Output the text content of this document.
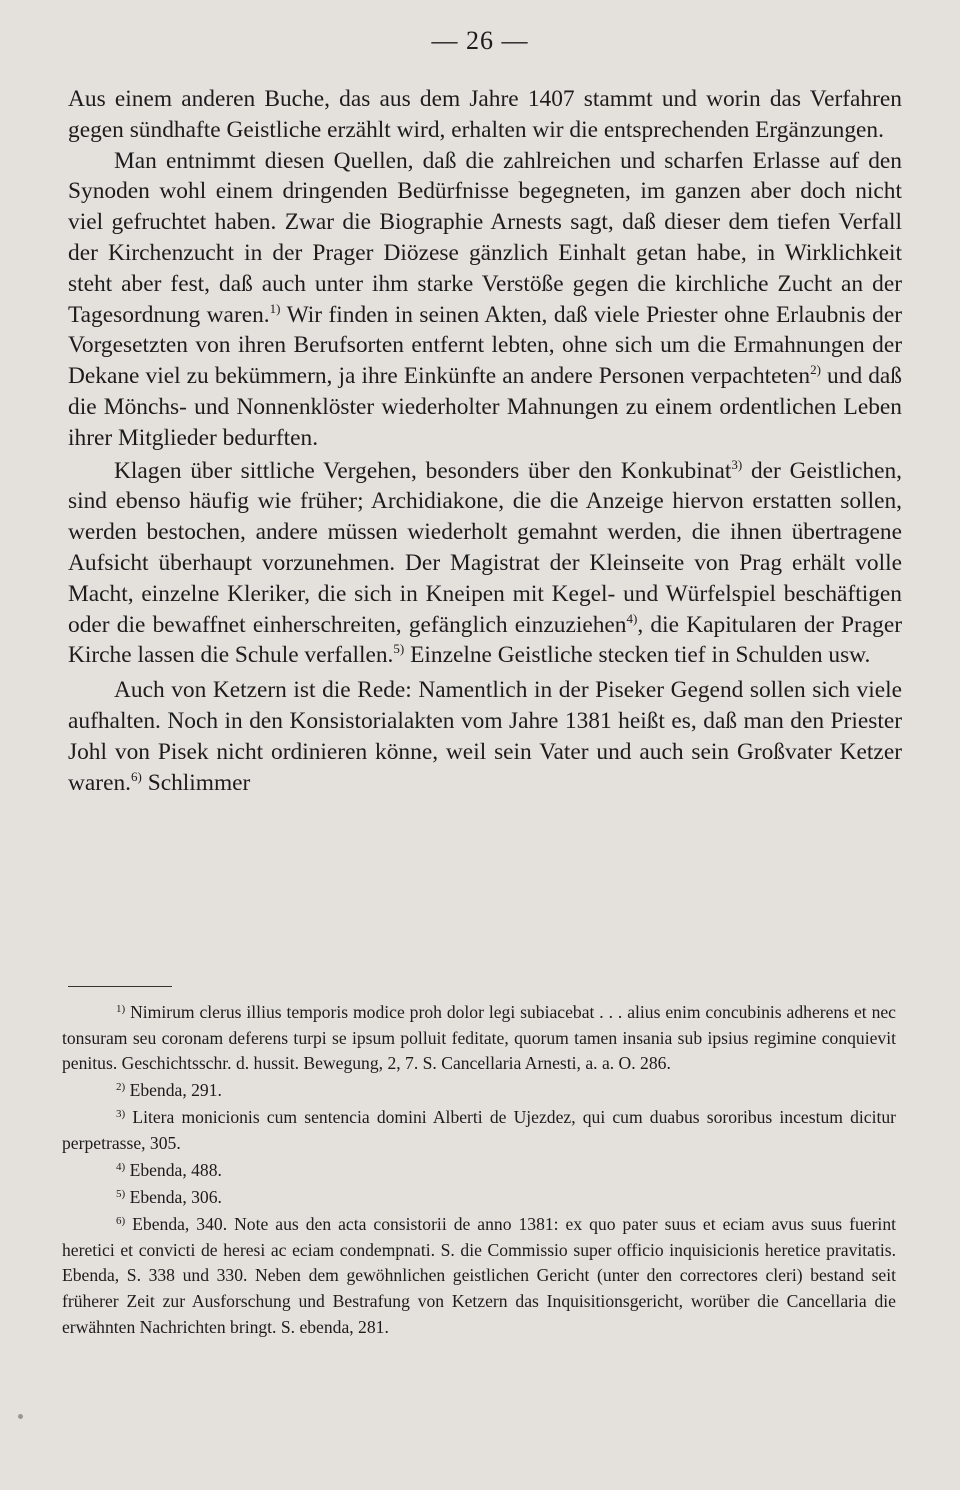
— 26 —

Aus einem anderen Buche, das aus dem Jahre 1407 stammt und worin das Verfahren gegen sündhafte Geistliche erzählt wird, erhalten wir die entsprechenden Ergänzungen.

Man entnimmt diesen Quellen, daß die zahlreichen und scharfen Erlasse auf den Synoden wohl einem dringenden Bedürfnisse begegneten, im ganzen aber doch nicht viel gefruchtet haben. Zwar die Biographie Arnests sagt, daß dieser dem tiefen Verfall der Kirchenzucht in der Prager Diözese gänzlich Einhalt getan habe, in Wirklichkeit steht aber fest, daß auch unter ihm starke Verstöße gegen die kirchliche Zucht an der Tagesordnung waren.$^{1)}$ Wir finden in seinen Akten, daß viele Priester ohne Erlaubnis der Vorgesetzten von ihren Berufsorten entfernt lebten, ohne sich um die Ermahnungen der Dekane viel zu bekümmern, ja ihre Einkünfte an andere Personen verpachteten$^{2)}$ und daß die Mönchs- und Nonnenklöster wiederholter Mahnungen zu einem ordentlichen Leben ihrer Mitglieder bedurften.

Klagen über sittliche Vergehen, besonders über den Konkubinat$^{3)}$ der Geistlichen, sind ebenso häufig wie früher; Archidiakone, die die Anzeige hiervon erstatten sollen, werden bestochen, andere müssen wiederholt gemahnt werden, die ihnen übertragene Aufsicht überhaupt vorzunehmen. Der Magistrat der Kleinseite von Prag erhält volle Macht, einzelne Kleriker, die sich in Kneipen mit Kegel- und Würfelspiel beschäftigen oder die bewaffnet einherschreiten, gefänglich einzuziehen$^{4)}$, die Kapitularen der Prager Kirche lassen die Schule verfallen.$^{5)}$ Einzelne Geistliche stecken tief in Schulden usw.

Auch von Ketzern ist die Rede: Namentlich in der Piseker Gegend sollen sich viele aufhalten. Noch in den Konsistorialakten vom Jahre 1381 heißt es, daß man den Priester Johl von Pisek nicht ordinieren könne, weil sein Vater und auch sein Großvater Ketzer waren.$^{6)}$ Schlimmer

$^{1)}$ Nimirum clerus illius temporis modice proh dolor legi subiacebat . . . alius enim concubinis adherens et nec tonsuram seu coronam deferens turpi se ipsum polluit feditate, quorum tamen insania sub ipsius regimine conquievit penitus. Geschichtsschr. d. hussit. Bewegung, 2, 7. S. Cancellaria Arnesti, a. a. O. 286.

$^{2)}$ Ebenda, 291.

$^{3)}$ Litera monicionis cum sentencia domini Alberti de Ujezdez, qui cum duabus sororibus incestum dicitur perpetrasse, 305.

$^{4)}$ Ebenda, 488.

$^{5)}$ Ebenda, 306.

$^{6)}$ Ebenda, 340. Note aus den acta consistorii de anno 1381: ex quo pater suus et eciam avus suus fuerint heretici et convicti de heresi ac eciam condempnati. S. die Commissio super officio inquisicionis heretice pravitatis. Ebenda, S. 338 und 330. Neben dem gewöhnlichen geistlichen Gericht (unter den correctores cleri) bestand seit früherer Zeit zur Ausforschung und Bestrafung von Ketzern das Inquisitionsgericht, worüber die Cancellaria die erwähnten Nachrichten bringt. S. ebenda, 281.
